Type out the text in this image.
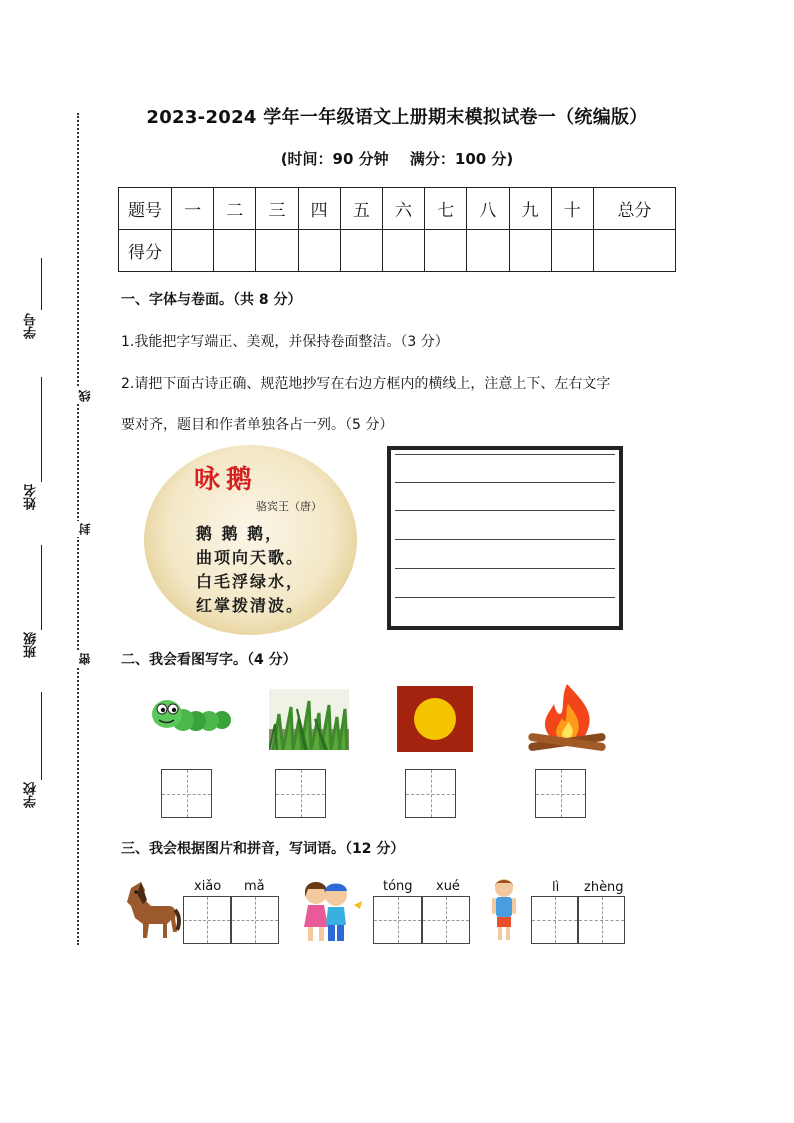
学号
姓名
班级
学校
线
封
密
2023-2024 学年一年级语文上册期末模拟试卷一（统编版）
(时间：90 分钟 满分：100 分)
题号	一	二	三	四	五	六	七	八	九	十	总分
得分											
一、字体与卷面。（共 8 分）
1.我能把字写端正、美观，并保持卷面整洁。（3 分）
2.请把下面古诗正确、规范地抄写在右边方框内的横线上，注意上下、左右文字
要对齐，题目和作者单独各占一列。（5 分）
咏鹅
骆宾王（唐）
鹅 鹅 鹅，
曲项向天歌。
白毛浮绿水，
红掌拨清波。
二、我会看图写字。（4 分）
三、我会根据图片和拼音，写词语。（12 分）
xiǎo mǎ	tóng xué	lì zhèng
